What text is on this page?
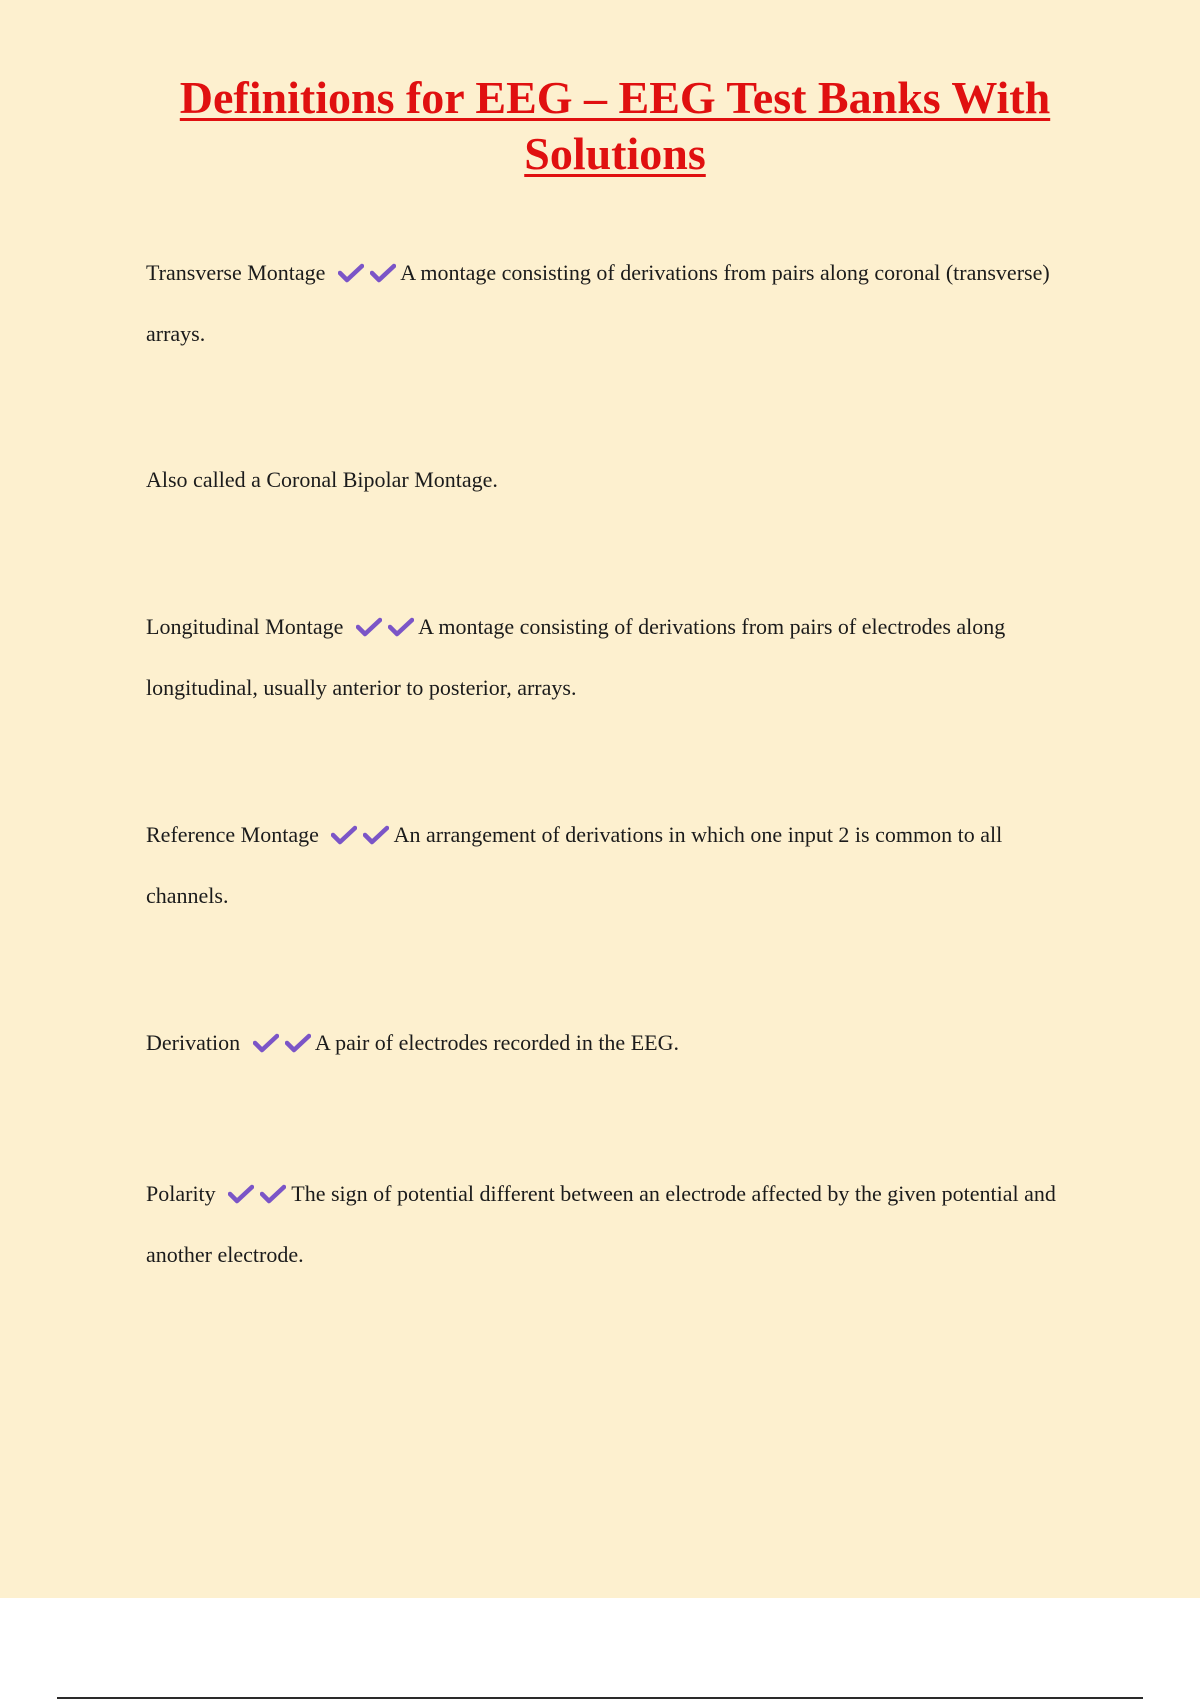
Definitions for EEG – EEG Test Banks With Solutions

Transverse Montage	A montage consisting of derivations from pairs along coronal (transverse) arrays.

Also called a Coronal Bipolar Montage.

Longitudinal Montage	A montage consisting of derivations from pairs of electrodes along longitudinal, usually anterior to posterior, arrays.

Reference Montage	An arrangement of derivations in which one input 2 is common to all channels.

Derivation	A pair of electrodes recorded in the EEG.

Polarity	The sign of potential different between an electrode affected by the given potential and another electrode.
